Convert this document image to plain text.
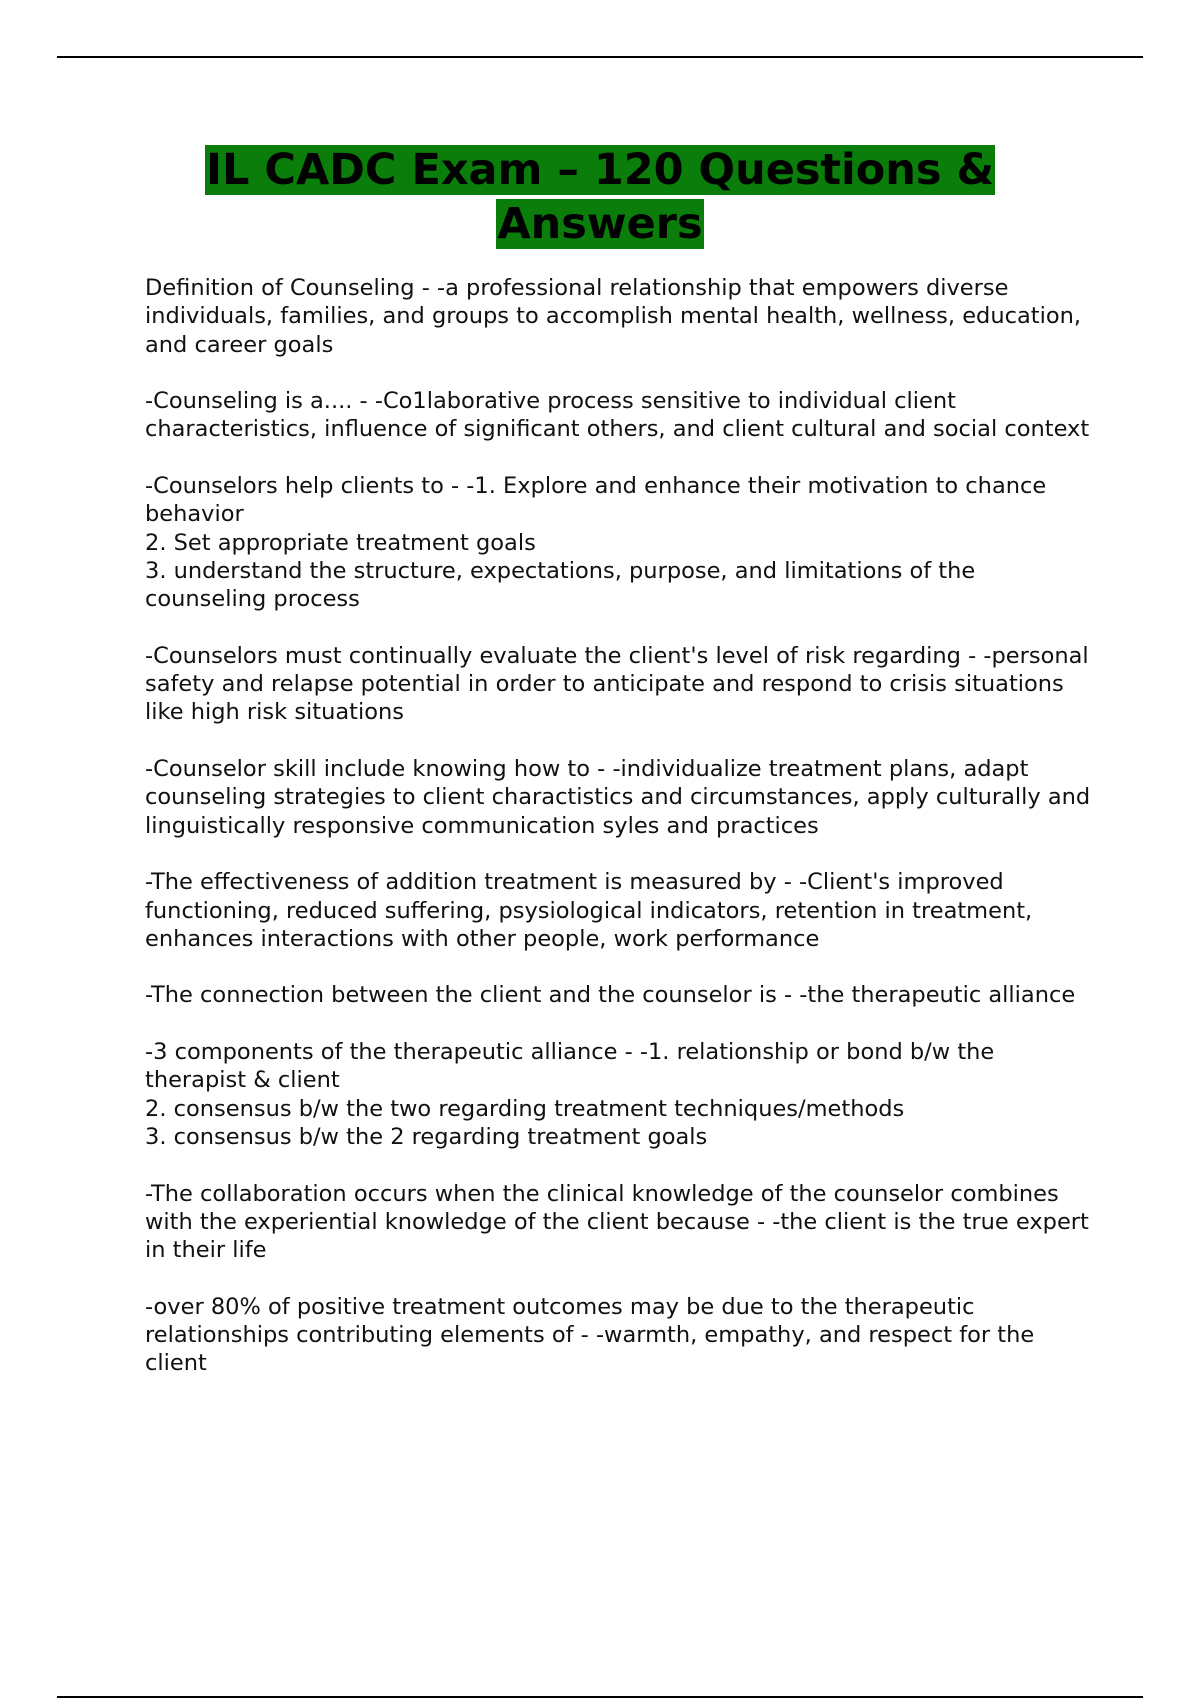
IL CADC Exam – 120 Questions &
Answers

Definition of Counseling - -a professional relationship that empowers diverse individuals, families, and groups to accomplish mental health, wellness, education, and career goals

-Counseling is a.... - -Co1laborative process sensitive to individual client characteristics, influence of significant others, and client cultural and social context

-Counselors help clients to - -1. Explore and enhance their motivation to chance behavior
2. Set appropriate treatment goals
3. understand the structure, expectations, purpose, and limitations of the counseling process

-Counselors must continually evaluate the client's level of risk regarding - -personal safety and relapse potential in order to anticipate and respond to crisis situations like high risk situations

-Counselor skill include knowing how to - -individualize treatment plans, adapt counseling strategies to client charactistics and circumstances, apply culturally and linguistically responsive communication syles and practices

-The effectiveness of addition treatment is measured by - -Client's improved functioning, reduced suffering, psysiological indicators, retention in treatment, enhances interactions with other people, work performance

-The connection between the client and the counselor is - -the therapeutic alliance

-3 components of the therapeutic alliance - -1. relationship or bond b/w the therapist & client
2. consensus b/w the two regarding treatment techniques/methods
3. consensus b/w the 2 regarding treatment goals

-The collaboration occurs when the clinical knowledge of the counselor combines with the experiential knowledge of the client because - -the client is the true expert in their life

-over 80% of positive treatment outcomes may be due to the therapeutic relationships contributing elements of - -warmth, empathy, and respect for the client
